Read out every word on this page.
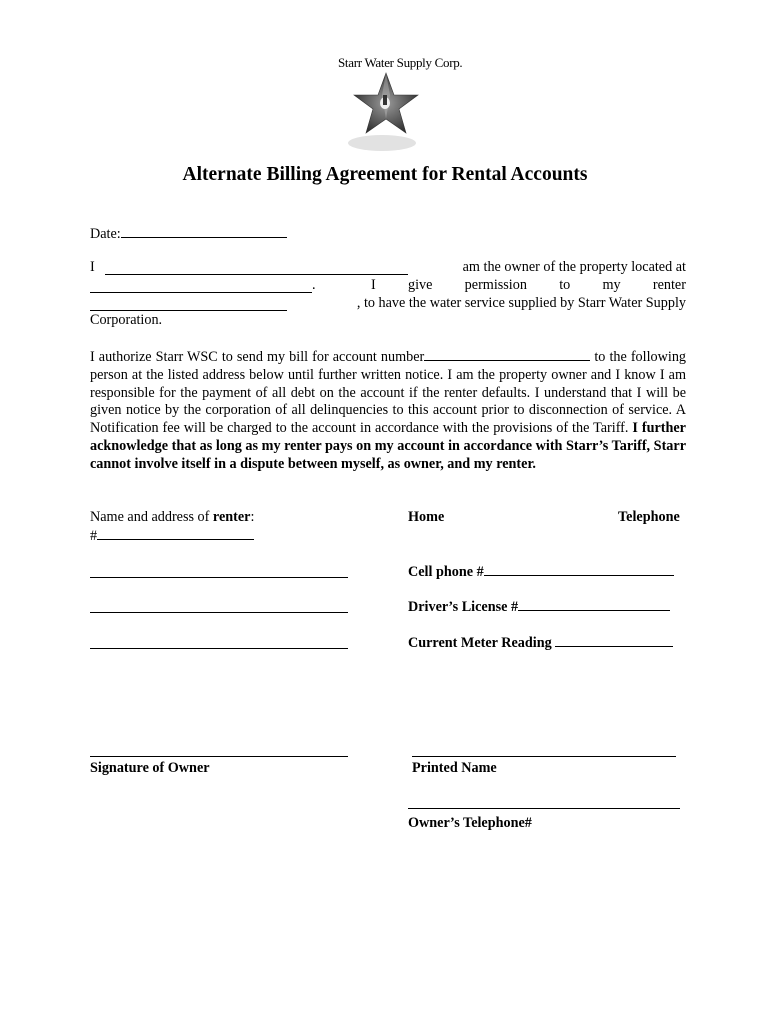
Starr Water Supply Corp.
Alternate Billing Agreement for Rental Accounts
Date:
I	am the owner of the property located at
.	I give permission to my renter
, to have the water service supplied by Starr Water Supply
Corporation.
I authorize Starr WSC to send my bill for account number	to the following person at the listed address below until further written notice. I am the property owner and I know I am responsible for the payment of all debt on the account if the renter defaults. I understand that I will be given notice by the corporation of all delinquencies to this account prior to disconnection of service. A Notification fee will be charged to the account in accordance with the provisions of the Tariff. I further acknowledge that as long as my renter pays on my account in accordance with Starr’s Tariff, Starr cannot involve itself in a dispute between myself, as owner, and my renter.
Name and address of renter:
#
Home	Telephone
Cell phone #
Driver’s License #
Current Meter Reading
Signature of Owner	Printed Name
Owner’s Telephone#
